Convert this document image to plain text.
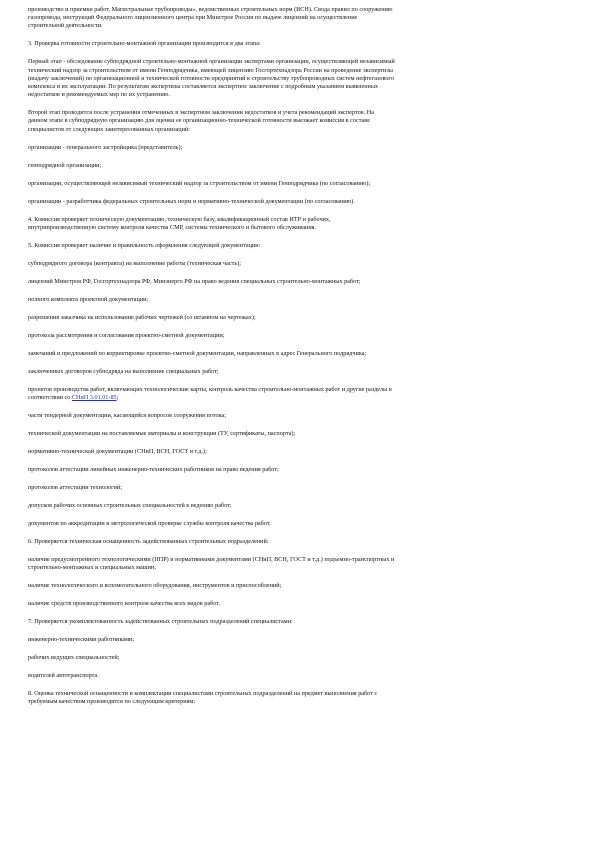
производство и приемки работ, Магистральные трубопроводы», ведомственных строительных норм (ВСН). Свода правил по сооружению
газопровода, инструкций Федерального лицензионного центра при Минстрое России по выдаче лицензий на осуществление
строительной деятельности.

3. Проверка готовности строительно-монтажной организации производится в два этапа:

Первый этап - обследование субподрядной строительно-монтажной организации экспертами организации, осуществляющей независимый
технический надзор за строительством от имени Генподрядчика, имеющей лицензию Госгортехнадзора России на проведение экспертизы
(выдачу заключений) по организационной и технической готовности предприятий к строительству трубопроводных систем нефтегазового
комплекса и их эксплуатации. По результатам экспертизы составляется экспертное заключение с подробным указанием выявленных
недостатков и рекомендуемых мер по их устранению.

Второй этап проводится после устранения отмеченных в экспертном заключении недостатков и учета рекомендаций экспертов. На
данном этапе в субподрядную организацию для оценки ее организационно-технической готовности выезжает комиссия в составе
специалистов от следующих заинтересованных организаций:

организации - генерального застройщика (представитель);

генподрядной организации;

организации, осуществляющей независимый технический надзор за строительством от имени Генподрядчика (по согласованию);

организации - разработчика федеральных строительных норм и нормативно-технической документации (по согласованию).

4. Комиссия проверяет техническую документацию, техническую базу, квалификационный состав ИТР и рабочих,
внутрипроизводственную систему контроля качества СМР, системы технического и бытового обслуживания.

5. Комиссия проверяет наличие и правильность оформления следующей документации:

субподрядного договора (контракта) на выполнение работы (техническая часть);

лицензий Минстроя РФ, Госгортехнадзора РФ, Минэнерго РФ на право ведения специальных строительно-монтажных работ;

полного комплекта проектной документации;

разрешения заказчика на использование рабочих чертежей (со штампом на чертежах);

протокола рассмотрения и согласования проектно-сметной документации;

замечаний и предложений по корректировке проектно-сметной документации, направленных в адрес Генерального подрядчика;

заключенных договоров субподряда на выполнение специальных работ;

проектов производства работ, включающих технологические карты, контроль качества строительно-монтажных работ и другие разделы в
соответствии со СНиП 3.01.01-85;

части тендерной документации, касающейся вопросов сооружения потока;

технической документации на поставляемые материалы и конструкции (ТУ, сертификаты, паспорта);

нормативно-технической документации (СНиП, ВСН, ГОСТ и т.д.);

протоколов аттестации линейных инженерно-технических работников на право ведения работ;

протоколов аттестации технологий;

допусков рабочих основных строительных специальностей к ведению работ;

документов по аккредитации и метрологической проверке службы контроля качества работ.

6. Проверяется техническая оснащенность задействованных строительных подразделений:

наличие предусмотренного технологическими (ППР) и нормативными документами (СНиП, ВСН, ГОСТ и т.д.) подъемно-транспортных и
строительно-монтажных и специальных машин;

наличие технологического и вспомогательного оборудования, инструментов и приспособлений;

наличие средств производственного контроля качества всех видов работ.

7. Проверяется укомплектованность задействованных строительных подразделений специалистами:

инженерно-техническими работниками;

рабочих ведущих специальностей;

водителей автотранспорта.

8. Оценка технической оснащенности и комплектации специалистами строительных подразделений на предмет выполнения работ с
требуемым качеством производится по следующим критериям:
